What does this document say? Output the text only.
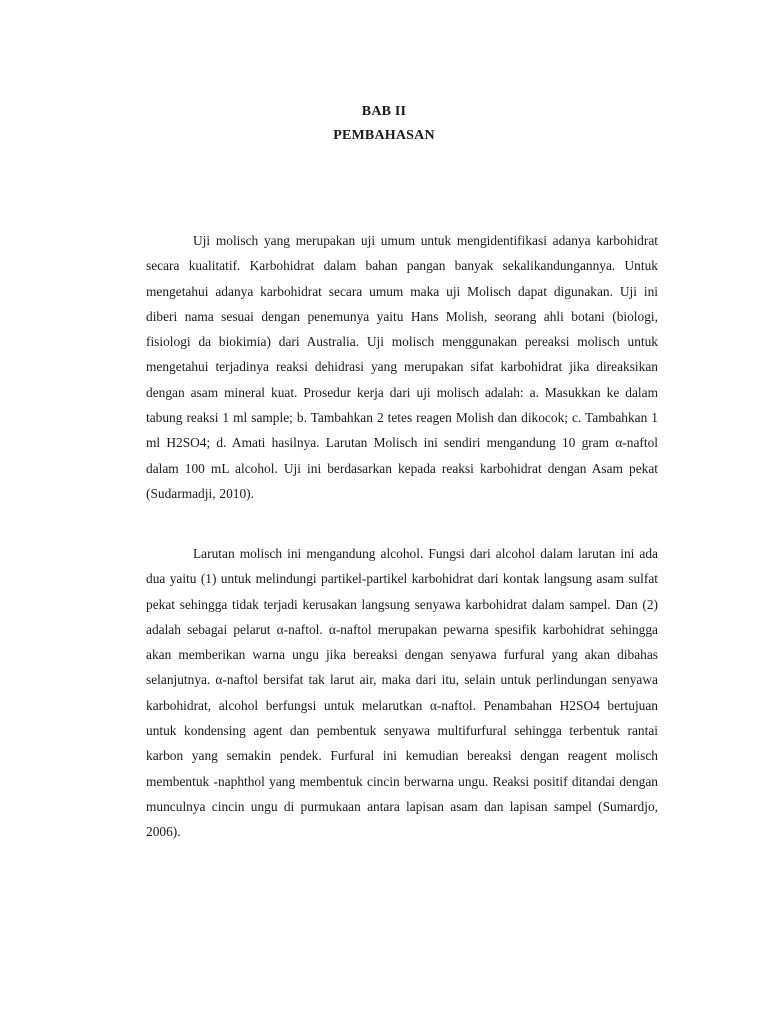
BAB II
PEMBAHASAN

Uji molisch yang merupakan uji umum untuk mengidentifikasi adanya karbohidrat secara kualitatif. Karbohidrat dalam bahan pangan banyak sekalikandungannya. Untuk mengetahui adanya karbohidrat secara umum maka uji Molisch dapat digunakan. Uji ini diberi nama sesuai dengan penemunya yaitu Hans Molish, seorang ahli botani (biologi, fisiologi da biokimia) dari Australia. Uji molisch menggunakan pereaksi molisch untuk mengetahui terjadinya reaksi dehidrasi yang merupakan sifat karbohidrat jika direaksikan dengan asam mineral kuat. Prosedur kerja dari uji molisch adalah: a. Masukkan ke dalam tabung reaksi 1 ml sample; b. Tambahkan 2 tetes reagen Molish dan dikocok; c. Tambahkan 1 ml H2SO4; d. Amati hasilnya. Larutan Molisch ini sendiri mengandung 10 gram α-naftol dalam 100 mL alcohol. Uji ini berdasarkan kepada reaksi karbohidrat dengan Asam pekat (Sudarmadji, 2010).

Larutan molisch ini mengandung alcohol. Fungsi dari alcohol dalam larutan ini ada dua yaitu (1) untuk melindungi partikel-partikel karbohidrat dari kontak langsung asam sulfat pekat sehingga tidak terjadi kerusakan langsung senyawa karbohidrat dalam sampel. Dan (2) adalah sebagai pelarut α-naftol. α-naftol merupakan pewarna spesifik karbohidrat sehingga akan memberikan warna ungu jika bereaksi dengan senyawa furfural yang akan dibahas selanjutnya. α-naftol bersifat tak larut air, maka dari itu, selain untuk perlindungan senyawa karbohidrat, alcohol berfungsi untuk melarutkan α-naftol. Penambahan H2SO4 bertujuan untuk kondensing agent dan pembentuk senyawa multifurfural sehingga terbentuk rantai karbon yang semakin pendek. Furfural ini kemudian bereaksi dengan reagent molisch membentuk -naphthol yang membentuk cincin berwarna ungu. Reaksi positif ditandai dengan munculnya cincin ungu di purmukaan antara lapisan asam dan lapisan sampel (Sumardjo, 2006).
